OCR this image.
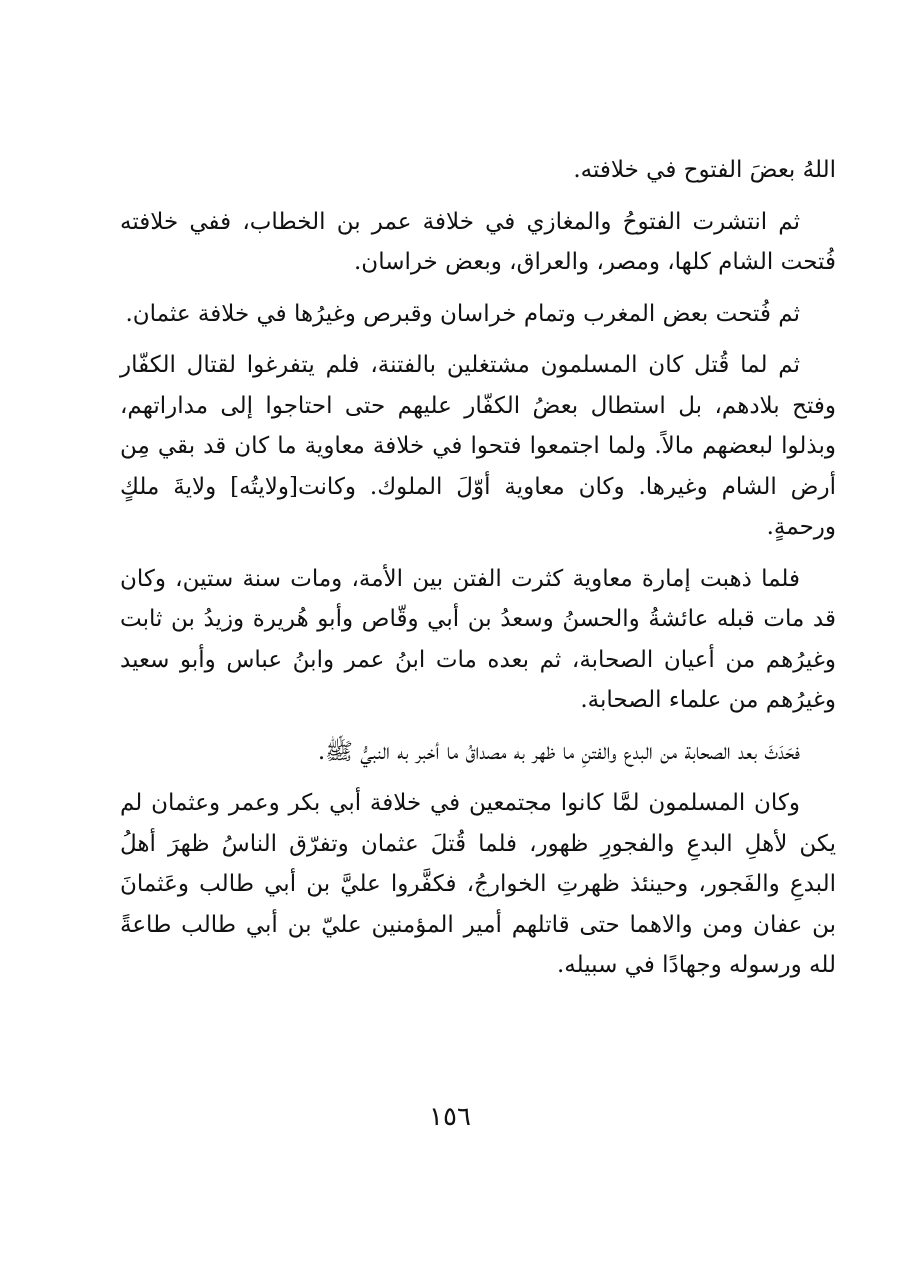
اللهُ بعضَ الفتوح في خلافته.

ثم انتشرت الفتوحُ والمغازي في خلافة عمر بن الخطاب، ففي خلافته فُتحت الشام كلها، ومصر، والعراق، وبعض خراسان.

ثم فُتحت بعض المغرب وتمام خراسان وقبرص وغيرُها في خلافة عثمان.

ثم لما قُتل كان المسلمون مشتغلين بالفتنة، فلم يتفرغوا لقتال الكفّار وفتح بلادهم، بل استطال بعضُ الكفّار عليهم حتى احتاجوا إلى مداراتهم، وبذلوا لبعضهم مالاً. ولما اجتمعوا فتحوا في خلافة معاوية ما كان قد بقي مِن أرض الشام وغيرها. وكان معاوية أوّلَ الملوك. وكانت[ولايتُه] ولايةَ ملكٍ ورحمةٍ.

فلما ذهبت إمارة معاوية كثرت الفتن بين الأمة، ومات سنة ستين، وكان قد مات قبله عائشةُ والحسنُ وسعدُ بن أبي وقّاص وأبو هُريرة وزيدُ بن ثابت وغيرُهم من أعيان الصحابة، ثم بعده مات ابنُ عمر وابنُ عباس وأبو سعيد وغيرُهم من علماء الصحابة.

فحَدَثَ بعد الصحابة من البدع والفتنِ ما ظهر به مصداقُ ما أخبر به النبيُّ ﷺ.

وكان المسلمون لمَّا كانوا مجتمعين في خلافة أبي بكر وعمر وعثمان لم يكن لأهلِ البدعِ والفجورِ ظهور، فلما قُتلَ عثمان وتفرّق الناسُ ظهرَ أهلُ البدعِ والفَجور، وحينئذ ظهرتِ الخوارجُ، فكفَّروا عليَّ بن أبي طالب وعَثمانَ بن عفان ومن والاهما حتى قاتلهم أمير المؤمنين عليّ بن أبي طالب طاعةً لله ورسوله وجهادًا في سبيله.

١٥٦
